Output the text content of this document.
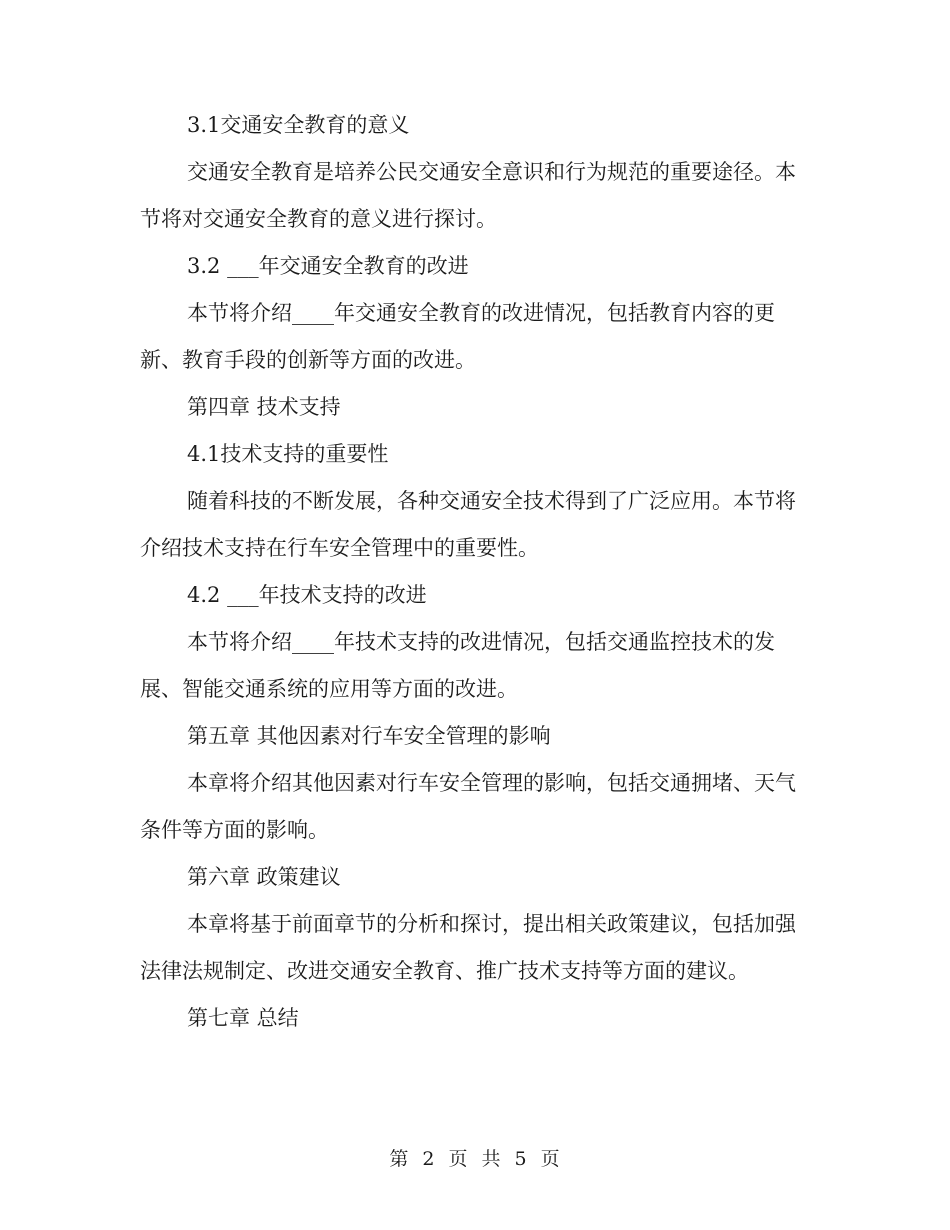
3.1交通安全教育的意义

交通安全教育是培养公民交通安全意识和行为规范的重要途径。本节将对交通安全教育的意义进行探讨。

3.2 ___年交通安全教育的改进

本节将介绍____年交通安全教育的改进情况，包括教育内容的更新、教育手段的创新等方面的改进。

第四章 技术支持

4.1技术支持的重要性

随着科技的不断发展，各种交通安全技术得到了广泛应用。本节将介绍技术支持在行车安全管理中的重要性。

4.2 ___年技术支持的改进

本节将介绍____年技术支持的改进情况，包括交通监控技术的发展、智能交通系统的应用等方面的改进。

第五章 其他因素对行车安全管理的影响

本章将介绍其他因素对行车安全管理的影响，包括交通拥堵、天气条件等方面的影响。

第六章 政策建议

本章将基于前面章节的分析和探讨，提出相关政策建议，包括加强法律法规制定、改进交通安全教育、推广技术支持等方面的建议。

第七章 总结

第 2 页 共 5 页
